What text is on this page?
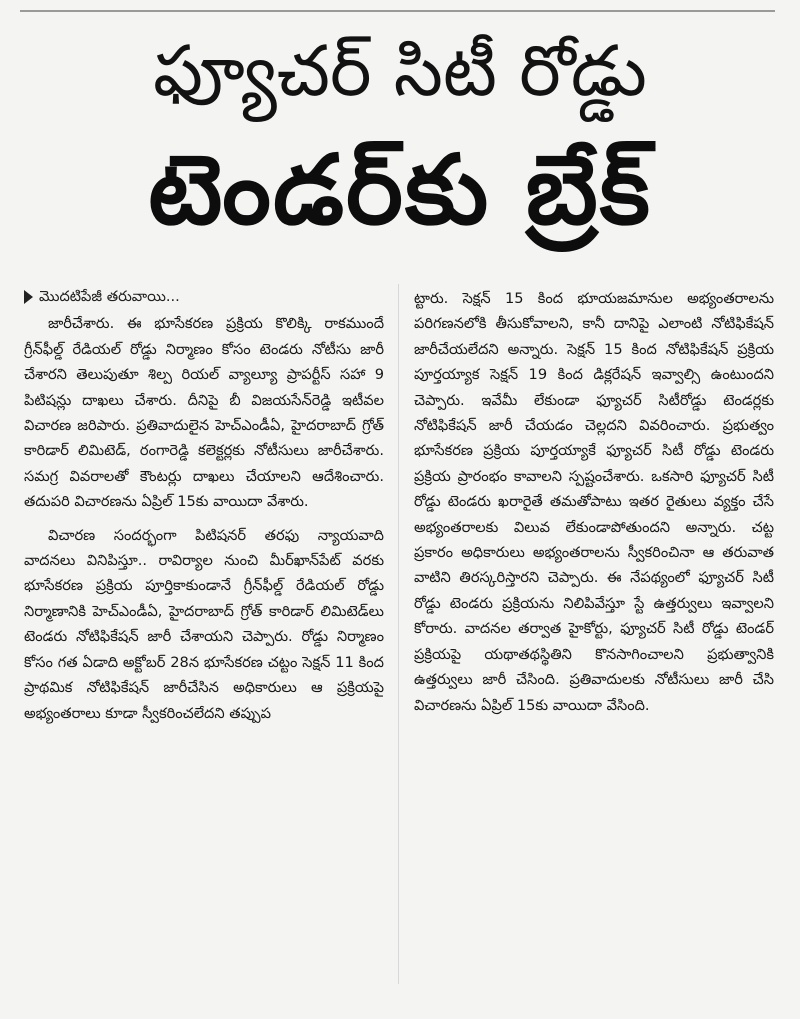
ఫ్యూచర్ సిటీ రోడ్డు
టెండర్‌కు బ్రేక్
మొదటిపేజీ తరువాయి...

జారీచేశారు. ఈ భూసేకరణ ప్రక్రియ కొలిక్కి రాకముందే గ్రీన్‌ఫీల్డ్ రేడియల్ రోడ్డు నిర్మాణం కోసం టెండరు నోటీసు జారీ చేశారని తెలుపుతూ శిల్ప రియల్ వ్యాల్యూ ప్రాపర్టీస్ సహా 9 పిటిషన్లు దాఖలు చేశారు. దీనిపై బీ విజయసేన్‌రెడ్డి ఇటీవల విచారణ జరిపారు. ప్రతివాదులైన హెచ్‌ఎండీఏ, హైదరాబాద్ గ్రోత్ కారిడార్ లిమిటెడ్, రంగారెడ్డి కలెక్టర్లకు నోటీసులు జారీచేశారు. సమగ్ర వివరాలతో కౌంటర్లు దాఖలు చేయాలని ఆదేశించారు. తదుపరి విచారణను ఏప్రిల్ 15కు వాయిదా వేశారు.

విచారణ సందర్భంగా పిటిషనర్ తరఫు న్యాయవాది వాదనలు వినిపిస్తూ.. రావిర్యాల నుంచి మీర్‌ఖాన్‌పేట్ వరకు భూసేకరణ ప్రక్రియ పూర్తికాకుండానే గ్రీన్‌ఫీల్డ్ రేడియల్ రోడ్డు నిర్మాణానికి హెచ్‌ఎండీఏ, హైదరాబాద్ గ్రోత్ కారిడార్ లిమిటెడ్‌లు టెండరు నోటిఫికేషన్ జారీ చేశాయని చెప్పారు. రోడ్డు నిర్మాణం కోసం గత ఏడాది అక్టోబర్ 28న భూసేకరణ చట్టం సెక్షన్ 11 కింద ప్రాథమిక నోటిఫికేషన్ జారీచేసిన అధికారులు ఆ ప్రక్రియపై అభ్యంతరాలు కూడా స్వీకరించలేదని తప్పుప

ట్టారు. సెక్షన్ 15 కింద భూయజమానుల అభ్యంతరాలను పరిగణనలోకి తీసుకోవాలని, కానీ దానిపై ఎలాంటి నోటిఫికేషన్ జారీచేయలేదని అన్నారు. సెక్షన్ 15 కింద నోటిఫికేషన్ ప్రక్రియ పూర్తయ్యాక సెక్షన్ 19 కింద డిక్లరేషన్ ఇవ్వాల్సి ఉంటుందని చెప్పారు. ఇవేమీ లేకుండా ఫ్యూచర్ సిటీరోడ్డు టెండర్లకు నోటిఫికేషన్ జారీ చేయడం చెల్లదని వివరించారు. ప్రభుత్వం భూసేకరణ ప్రక్రియ పూర్తయ్యాకే ఫ్యూచర్ సిటీ రోడ్డు టెండరు ప్రక్రియ ప్రారంభం కావాలని స్పష్టంచేశారు. ఒకసారి ఫ్యూచర్ సిటీ రోడ్డు టెండరు ఖరారైతే తమతోపాటు ఇతర రైతులు వ్యక్తం చేసే అభ్యంతరాలకు విలువ లేకుండాపోతుందని అన్నారు. చట్ట ప్రకారం అధికారులు అభ్యంతరాలను స్వీకరించినా ఆ తరువాత వాటిని తిరస్కరిస్తారని చెప్పారు. ఈ నేపథ్యంలో ఫ్యూచర్ సిటీ రోడ్డు టెండరు ప్రక్రియను నిలిపివేస్తూ స్టే ఉత్తర్వులు ఇవ్వాలని కోరారు. వాదనల తర్వాత హైకోర్టు, ఫ్యూచర్ సిటీ రోడ్డు టెండర్ ప్రక్రియపై యథాతథస్థితిని కొనసాగించాలని ప్రభుత్వానికి ఉత్తర్వులు జారీ చేసింది. ప్రతివాదులకు నోటీసులు జారీ చేసి విచారణను ఏప్రిల్ 15కు వాయిదా వేసింది.
